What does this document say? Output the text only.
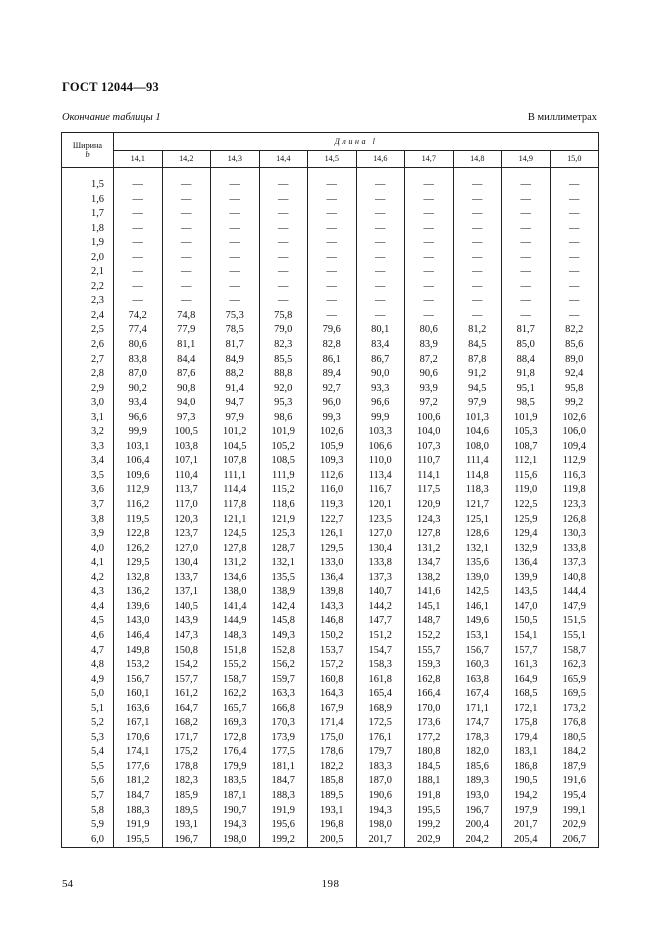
ГОСТ 12044—93
Окончание таблицы 1	В миллиметрах
Ширина
b	Длина l									
	14,1	14,2	14,3	14,4	14,5	14,6	14,7	14,8	14,9	15,0

1,5	—	—	—	—	—	—	—	—	—	—
1,6	—	—	—	—	—	—	—	—	—	—
1,7	—	—	—	—	—	—	—	—	—	—
1,8	—	—	—	—	—	—	—	—	—	—
1,9	—	—	—	—	—	—	—	—	—	—
2,0	—	—	—	—	—	—	—	—	—	—
2,1	—	—	—	—	—	—	—	—	—	—
2,2	—	—	—	—	—	—	—	—	—	—
2,3	—	—	—	—	—	—	—	—	—	—
2,4	74,2	74,8	75,3	75,8	—	—	—	—	—	—
2,5	77,4	77,9	78,5	79,0	79,6	80,1	80,6	81,2	81,7	82,2
2,6	80,6	81,1	81,7	82,3	82,8	83,4	83,9	84,5	85,0	85,6
2,7	83,8	84,4	84,9	85,5	86,1	86,7	87,2	87,8	88,4	89,0
2,8	87,0	87,6	88,2	88,8	89,4	90,0	90,6	91,2	91,8	92,4
2,9	90,2	90,8	91,4	92,0	92,7	93,3	93,9	94,5	95,1	95,8
3,0	93,4	94,0	94,7	95,3	96,0	96,6	97,2	97,9	98,5	99,2
3,1	96,6	97,3	97,9	98,6	99,3	99,9	100,6	101,3	101,9	102,6
3,2	99,9	100,5	101,2	101,9	102,6	103,3	104,0	104,6	105,3	106,0
3,3	103,1	103,8	104,5	105,2	105,9	106,6	107,3	108,0	108,7	109,4
3,4	106,4	107,1	107,8	108,5	109,3	110,0	110,7	111,4	112,1	112,9
3,5	109,6	110,4	111,1	111,9	112,6	113,4	114,1	114,8	115,6	116,3
3,6	112,9	113,7	114,4	115,2	116,0	116,7	117,5	118,3	119,0	119,8
3,7	116,2	117,0	117,8	118,6	119,3	120,1	120,9	121,7	122,5	123,3
3,8	119,5	120,3	121,1	121,9	122,7	123,5	124,3	125,1	125,9	126,8
3,9	122,8	123,7	124,5	125,3	126,1	127,0	127,8	128,6	129,4	130,3
4,0	126,2	127,0	127,8	128,7	129,5	130,4	131,2	132,1	132,9	133,8
4,1	129,5	130,4	131,2	132,1	133,0	133,8	134,7	135,6	136,4	137,3
4,2	132,8	133,7	134,6	135,5	136,4	137,3	138,2	139,0	139,9	140,8
4,3	136,2	137,1	138,0	138,9	139,8	140,7	141,6	142,5	143,5	144,4
4,4	139,6	140,5	141,4	142,4	143,3	144,2	145,1	146,1	147,0	147,9
4,5	143,0	143,9	144,9	145,8	146,8	147,7	148,7	149,6	150,5	151,5
4,6	146,4	147,3	148,3	149,3	150,2	151,2	152,2	153,1	154,1	155,1
4,7	149,8	150,8	151,8	152,8	153,7	154,7	155,7	156,7	157,7	158,7
4,8	153,2	154,2	155,2	156,2	157,2	158,3	159,3	160,3	161,3	162,3
4,9	156,7	157,7	158,7	159,7	160,8	161,8	162,8	163,8	164,9	165,9
5,0	160,1	161,2	162,2	163,3	164,3	165,4	166,4	167,4	168,5	169,5
5,1	163,6	164,7	165,7	166,8	167,9	168,9	170,0	171,1	172,1	173,2
5,2	167,1	168,2	169,3	170,3	171,4	172,5	173,6	174,7	175,8	176,8
5,3	170,6	171,7	172,8	173,9	175,0	176,1	177,2	178,3	179,4	180,5
5,4	174,1	175,2	176,4	177,5	178,6	179,7	180,8	182,0	183,1	184,2
5,5	177,6	178,8	179,9	181,1	182,2	183,3	184,5	185,6	186,8	187,9
5,6	181,2	182,3	183,5	184,7	185,8	187,0	188,1	189,3	190,5	191,6
5,7	184,7	185,9	187,1	188,3	189,5	190,6	191,8	193,0	194,2	195,4
5,8	188,3	189,5	190,7	191,9	193,1	194,3	195,5	196,7	197,9	199,1
5,9	191,9	193,1	194,3	195,6	196,8	198,0	199,2	200,4	201,7	202,9
6,0	195,5	196,7	198,0	199,2	200,5	201,7	202,9	204,2	205,4	206,7
54	198
